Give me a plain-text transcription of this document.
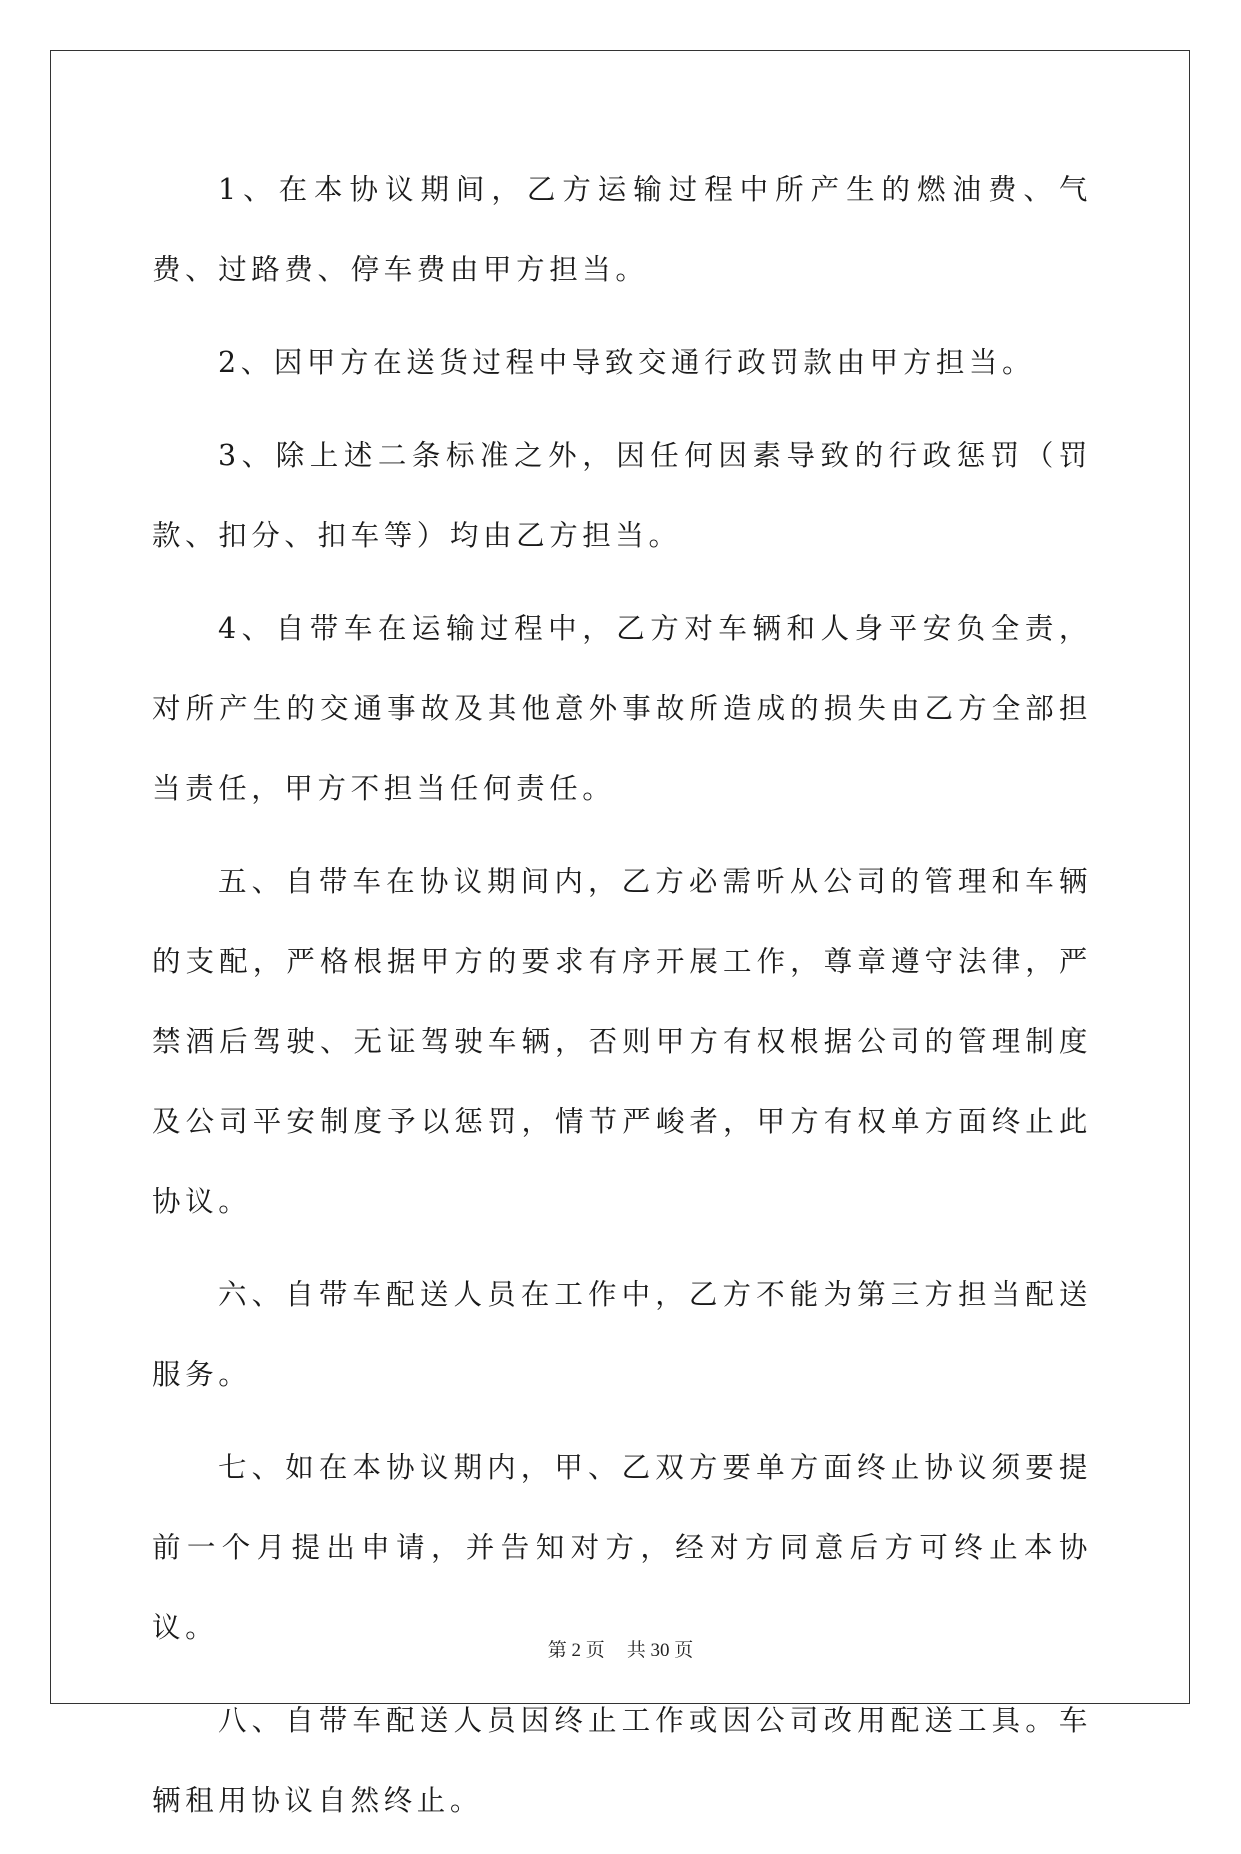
1、在本协议期间，乙方运输过程中所产生的燃油费、气费、过路费、停车费由甲方担当。

2、因甲方在送货过程中导致交通行政罚款由甲方担当。

3、除上述二条标准之外，因任何因素导致的行政惩罚（罚款、扣分、扣车等）均由乙方担当。

4、自带车在运输过程中，乙方对车辆和人身平安负全责，对所产生的交通事故及其他意外事故所造成的损失由乙方全部担当责任，甲方不担当任何责任。

五、自带车在协议期间内，乙方必需听从公司的管理和车辆的支配，严格根据甲方的要求有序开展工作，尊章遵守法律，严禁酒后驾驶、无证驾驶车辆，否则甲方有权根据公司的管理制度及公司平安制度予以惩罚，情节严峻者，甲方有权单方面终止此协议。

六、自带车配送人员在工作中，乙方不能为第三方担当配送服务。

七、如在本协议期内，甲、乙双方要单方面终止协议须要提前一个月提出申请，并告知对方，经对方同意后方可终止本协议。

八、自带车配送人员因终止工作或因公司改用配送工具。车辆租用协议自然终止。

第 2 页 共 30 页
